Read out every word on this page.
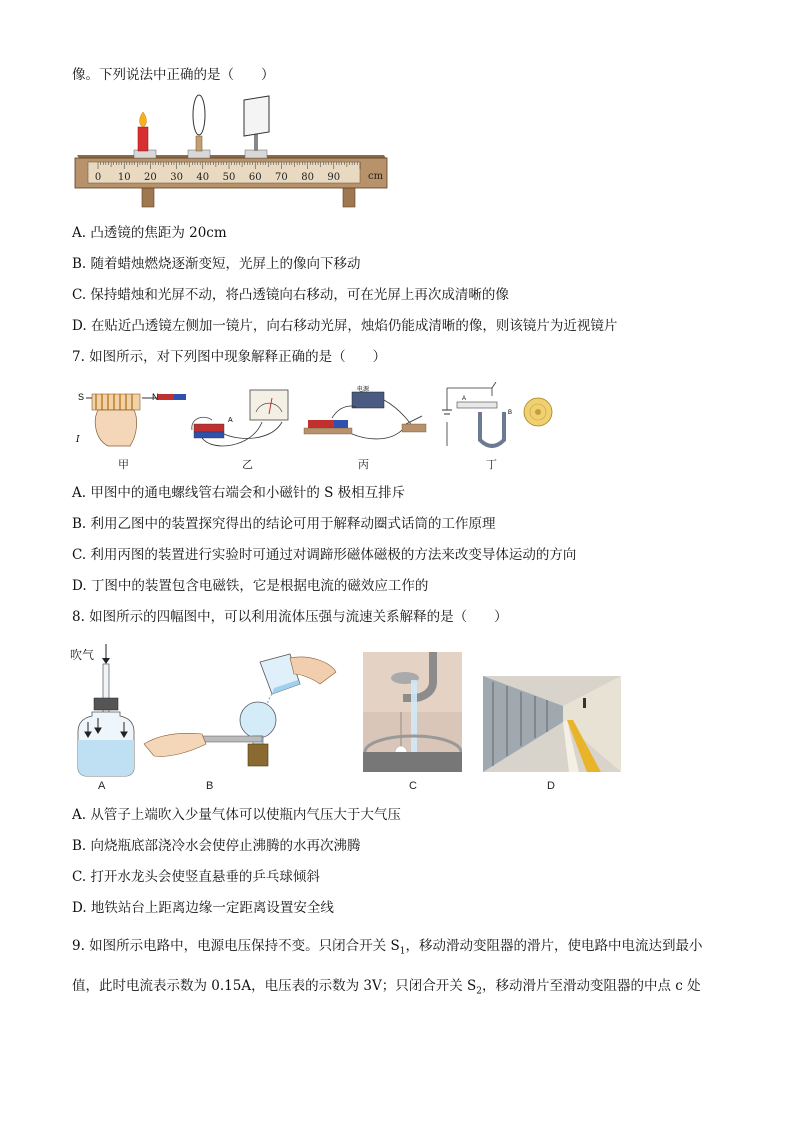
像。下列说法中正确的是（　　）
0 10 20 30 40 50 60 70 80 90	cm
A. 凸透镜的焦距为 20cm
B. 随着蜡烛燃烧逐渐变短，光屏上的像向下移动
C. 保持蜡烛和光屏不动，将凸透镜向右移动，可在光屏上再次成清晰的像
D. 在贴近凸透镜左侧加一镜片，向右移动光屏，烛焰仍能成清晰的像，则该镜片为近视镜片
7. 如图所示，对下列图中现象解释正确的是（　　）
S	N
I
A
电源
A
B
甲	乙	丙	丁
A. 甲图中的通电螺线管右端会和小磁针的 S 极相互排斥
B. 利用乙图中的装置探究得出的结论可用于解释动圈式话筒的工作原理
C. 利用丙图的装置进行实验时可通过对调蹄形磁体磁极的方法来改变导体运动的方向
D. 丁图中的装置包含电磁铁，它是根据电流的磁效应工作的
8. 如图所示的四幅图中，可以利用流体压强与流速关系解释的是（　　）
吹气
A	B	C	D
A. 从管子上端吹入少量气体可以使瓶内气压大于大气压
B. 向烧瓶底部浇冷水会使停止沸腾的水再次沸腾
C. 打开水龙头会使竖直悬垂的乒乓球倾斜
D. 地铁站台上距离边缘一定距离设置安全线
9. 如图所示电路中，电源电压保持不变。只闭合开关 $S_1$，移动滑动变阻器的滑片，使电路中电流达到最小
值，此时电流表示数为 0.15A，电压表的示数为 3V；只闭合开关 $S_2$，移动滑片至滑动变阻器的中点 c 处
